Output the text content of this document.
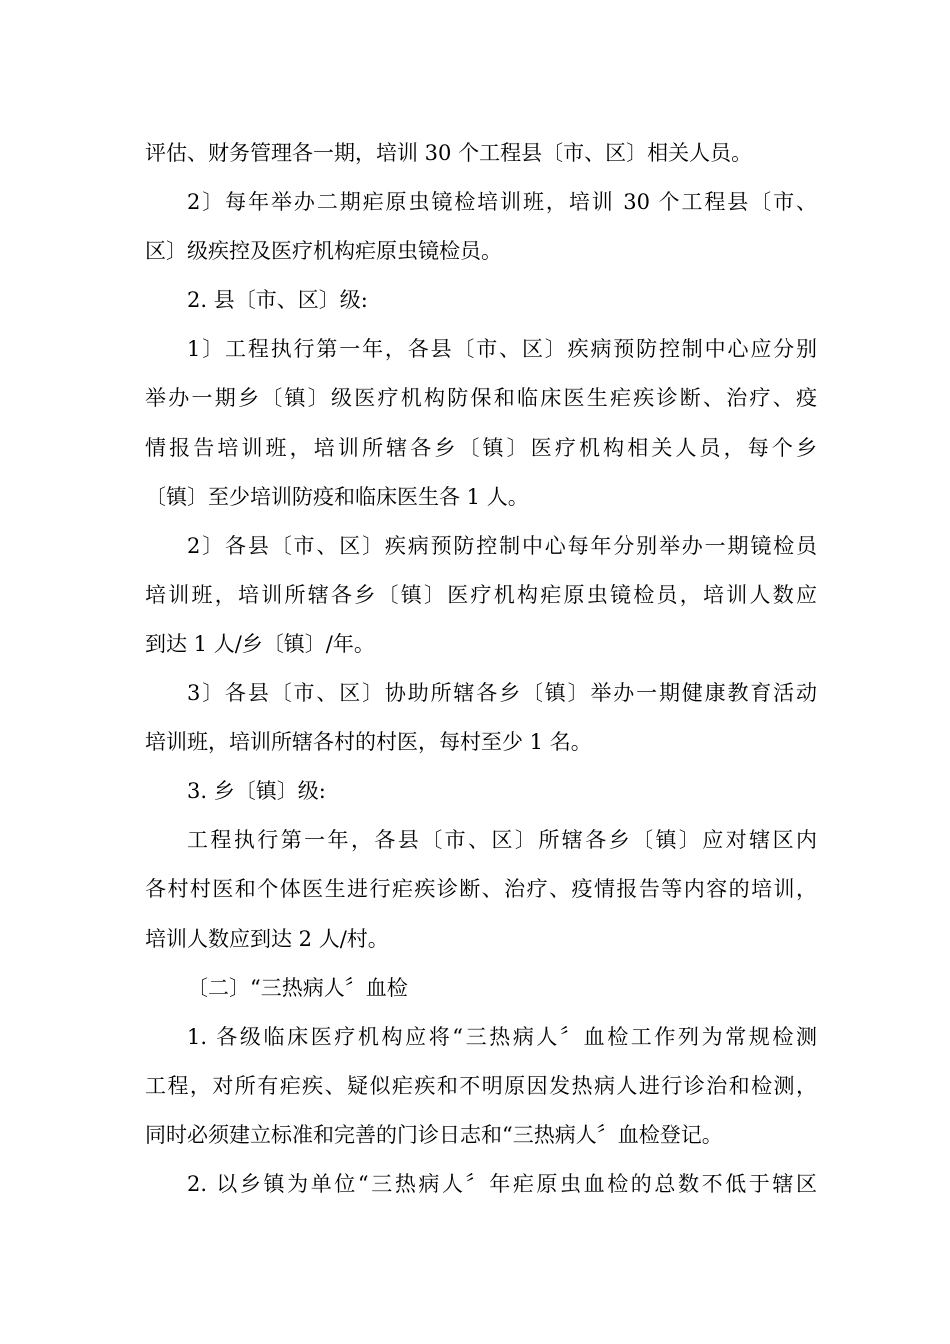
评估、财务管理各一期，培训 30 个工程县〔市、区〕相关人员。
2〕每年举办二期疟原虫镜检培训班，培训 30 个工程县〔市、
区〕级疾控及医疗机构疟原虫镜检员。
2. 县〔市、区〕级:
1〕工程执行第一年，各县〔市、区〕疾病预防控制中心应分别
举办一期乡〔镇〕级医疗机构防保和临床医生疟疾诊断、治疗、疫
情报告培训班，培训所辖各乡〔镇〕医疗机构相关人员，每个乡
〔镇〕至少培训防疫和临床医生各 1 人。
2〕各县〔市、区〕疾病预防控制中心每年分别举办一期镜检员
培训班，培训所辖各乡〔镇〕医疗机构疟原虫镜检员，培训人数应
到达 1 人/乡〔镇〕/年。
3〕各县〔市、区〕协助所辖各乡〔镇〕举办一期健康教育活动
培训班，培训所辖各村的村医，每村至少 1 名。
3. 乡〔镇〕级:
工程执行第一年，各县〔市、区〕所辖各乡〔镇〕应对辖区内
各村村医和个体医生进行疟疾诊断、治疗、疫情报告等内容的培训，
培训人数应到达 2 人/村。
〔二〕“三热病人〞血检
1. 各级临床医疗机构应将“三热病人〞血检工作列为常规检测
工程，对所有疟疾、疑似疟疾和不明原因发热病人进行诊治和检测，
同时必须建立标准和完善的门诊日志和“三热病人〞血检登记。
2. 以乡镇为单位“三热病人〞年疟原虫血检的总数不低于辖区
